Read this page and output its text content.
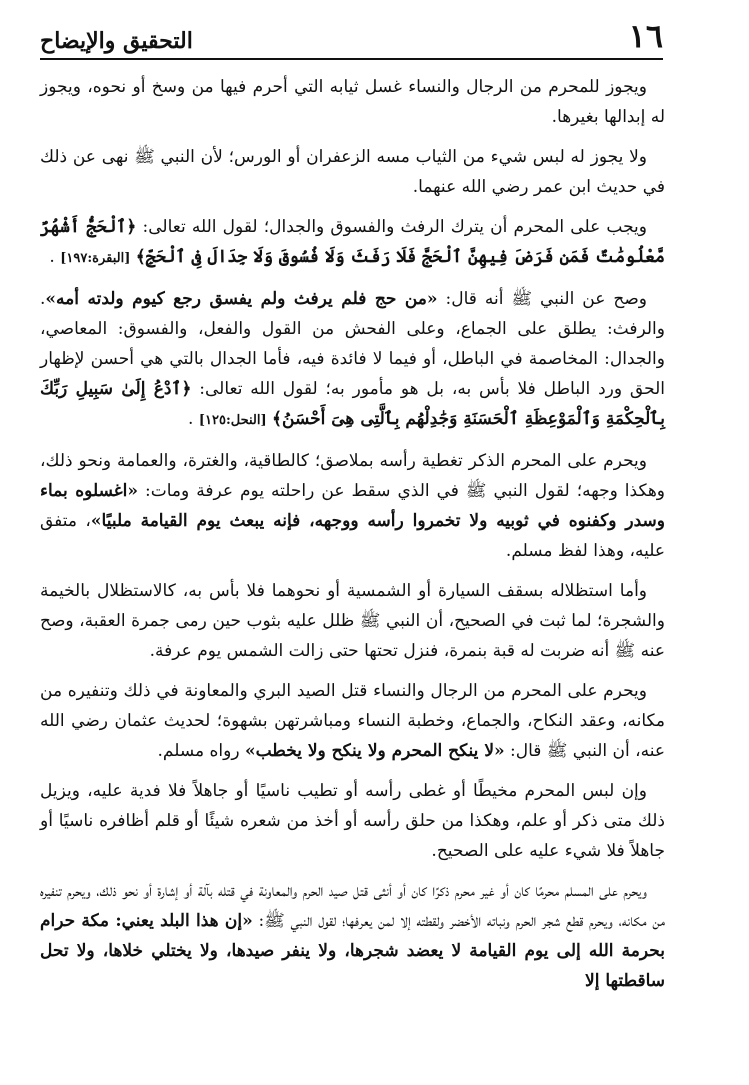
١٦
التحقيق والإيضاح

ويجوز للمحرم من الرجال والنساء غسل ثيابه التي أحرم فيها من وسخ أو نحوه، ويجوز له إبدالها بغيرها.

ولا يجوز له لبس شيء من الثياب مسه الزعفران أو الورس؛ لأن النبي ﷺ نهى عن ذلك في حديث ابن عمر رضي الله عنهما.

ويجب على المحرم أن يترك الرفث والفسوق والجدال؛ لقول الله تعالى: ﴿ٱلْحَجُّ أَشْهُرٌ مَّعْلُومَٰتٌ فَمَن فَرَضَ فِيهِنَّ ٱلْحَجَّ فَلَا رَفَثَ وَلَا فُسُوقَ وَلَا جِدَالَ فِى ٱلْحَجِّ﴾ [البقرة:١٩٧] .

وصح عن النبي ﷺ أنه قال: «من حج فلم يرفث ولم يفسق رجع كيوم ولدته أمه». والرفث: يطلق على الجماع، وعلى الفحش من القول والفعل، والفسوق: المعاصي، والجدال: المخاصمة في الباطل، أو فيما لا فائدة فيه، فأما الجدال بالتي هي أحسن لإظهار الحق ورد الباطل فلا بأس به، بل هو مأمور به؛ لقول الله تعالى: ﴿ٱدْعُ إِلَىٰ سَبِيلِ رَبِّكَ بِٱلْحِكْمَةِ وَٱلْمَوْعِظَةِ ٱلْحَسَنَةِ وَجَٰدِلْهُم بِٱلَّتِى هِىَ أَحْسَنُ﴾ [النحل:١٢٥] .

ويحرم على المحرم الذكر تغطية رأسه بملاصق؛ كالطاقية، والغترة، والعمامة ونحو ذلك، وهكذا وجهه؛ لقول النبي ﷺ في الذي سقط عن راحلته يوم عرفة ومات: «اغسلوه بماء وسدر وكفنوه في ثوبيه ولا تخمروا رأسه ووجهه، فإنه يبعث يوم القيامة ملبيًا»، متفق عليه، وهذا لفظ مسلم.

وأما استظلاله بسقف السيارة أو الشمسية أو نحوهما فلا بأس به، كالاستظلال بالخيمة والشجرة؛ لما ثبت في الصحيح، أن النبي ﷺ ظلل عليه بثوب حين رمى جمرة العقبة، وصح عنه ﷺ أنه ضربت له قبة بنمرة، فنزل تحتها حتى زالت الشمس يوم عرفة.

ويحرم على المحرم من الرجال والنساء قتل الصيد البري والمعاونة في ذلك وتنفيره من مكانه، وعقد النكاح، والجماع، وخطبة النساء ومباشرتهن بشهوة؛ لحديث عثمان رضي الله عنه، أن النبي ﷺ قال: «لا ينكح المحرم ولا ينكح ولا يخطب» رواه مسلم.

وإن لبس المحرم مخيطًا أو غطى رأسه أو تطيب ناسيًا أو جاهلاً فلا فدية عليه، ويزيل ذلك متى ذكر أو علم، وهكذا من حلق رأسه أو أخذ من شعره شيئًا أو قلم أظافره ناسيًا أو جاهلاً فلا شيء عليه على الصحيح.

ويحرم على المسلم محرمًا كان أو غير محرم ذكرًا كان أو أنثى قتل صيد الحرم والمعاونة في قتله بآلة أو إشارة أو نحو ذلك، ويحرم تنفيره من مكانه، ويحرم قطع شجر الحرم ونباته الأخضر ولقطته إلا لمن يعرفها؛ لقول النبي ﷺ: «إن هذا البلد يعني: مكة حرام بحرمة الله إلى يوم القيامة لا يعضد شجرها، ولا ينفر صيدها، ولا يختلي خلاها، ولا تحل ساقطتها إلا
